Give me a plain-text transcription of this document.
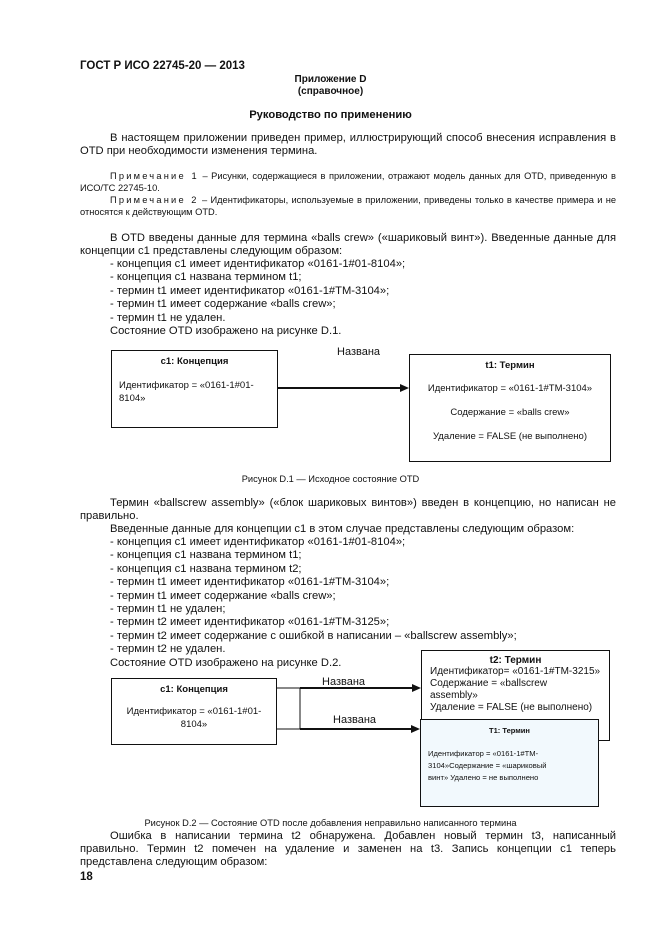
ГОСТ Р ИСО 22745-20 — 2013
Приложение D
(справочное)
Руководство по применению
В настоящем приложении приведен пример, иллюстрирующий способ внесения исправления в OTD при необходимости изменения термина.
Примечание 1 – Рисунки, содержащиеся в приложении, отражают модель данных для OTD, приведенную в ИСО/ТС 22745-10.
Примечание 2 – Идентификаторы, используемые в приложении, приведены только в качестве примера и не относятся к действующим OTD.
В OTD введены данные для термина «balls crew» («шариковый винт»). Введенные данные для концепции с1 представлены следующим образом:
- концепция с1 имеет идентификатор «0161-1#01-8104»;
- концепция с1 названа термином t1;
- термин t1 имеет идентификатор «0161-1#TM-3104»;
- термин t1 имеет содержание «balls crew»;
- термин t1 не удален.
Состояние OTD изображено на рисунке D.1.
с1: Концепция
Идентификатор = «0161-1#01-
8104»
Названа
t1: Термин
Идентификатор = «0161-1#TM-3104»
Содержание = «balls crew»
Удаление = FALSE (не выполнено)
Рисунок D.1 — Исходное состояние OTD
Термин «ballscrew assembly» («блок шариковых винтов») введен в концепцию, но написан не правильно.
Введенные данные для концепции с1 в этом случае представлены следующим образом:
- концепция с1 имеет идентификатор «0161-1#01-8104»;
- концепция с1 названа термином t1;
- концепция с1 названа термином t2;
- термин t1 имеет идентификатор «0161-1#TM-3104»;
- термин t1 имеет содержание «balls crew»;
- термин t1 не удален;
- термин t2 имеет идентификатор «0161-1#TM-3125»;
- термин t2 имеет содержание с ошибкой в написании – «ballscrew assembly»;
- термин t2 не удален.
Состояние OTD изображено на рисунке D.2.
с1: Концепция
Идентификатор = «0161-1#01-
8104»
Названа
Названа
t2: Термин
Идентификатор= «0161-1#TM-3215»
Содержание = «ballscrew
assembly»
Удаление = FALSE (не выполнено)
T1: Термин
Идентификатор = «0161-1#TM-
3104»Содержание = «шариковый
винт» Удалено = не выполнено
Рисунок D.2 — Состояние OTD после добавления неправильно написанного термина
Ошибка в написании термина t2 обнаружена. Добавлен новый термин t3, написанный правильно. Термин t2 помечен на удаление и заменен на t3. Запись концепции с1 теперь представлена следующим образом:
18
